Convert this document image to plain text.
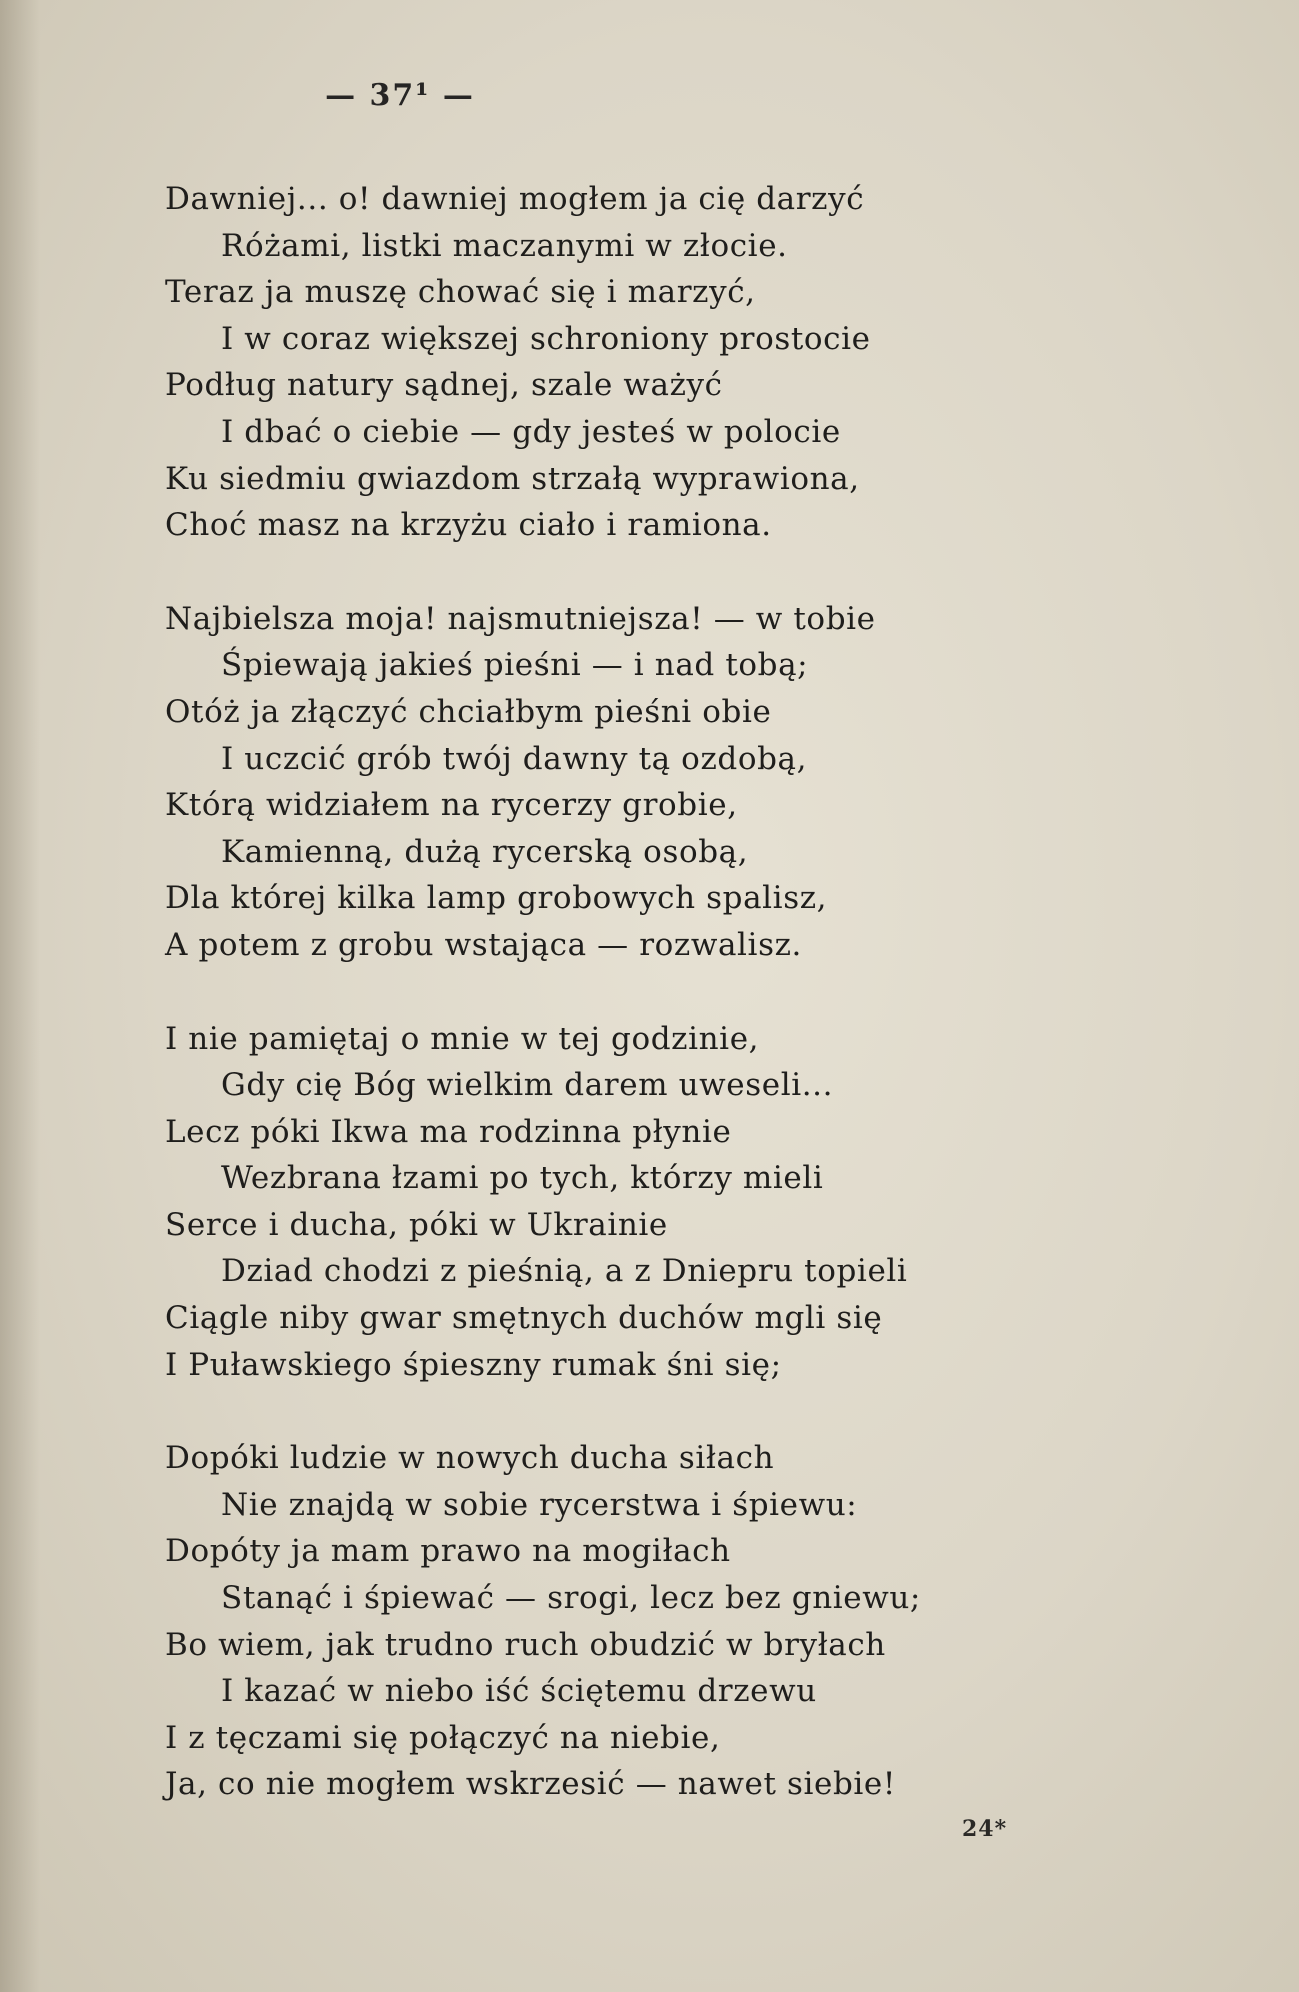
— 37¹ —
Dawniej... o! dawniej mogłem ja cię darzyć
Różami, listki maczanymi w złocie.
Teraz ja muszę chować się i marzyć,
I w coraz większej schroniony prostocie
Podług natury sądnej, szale ważyć
I dbać o ciebie — gdy jesteś w polocie
Ku siedmiu gwiazdom strzałą wyprawiona,
Choć masz na krzyżu ciało i ramiona.
Najbielsza moja! najsmutniejsza! — w tobie
Śpiewają jakieś pieśni — i nad tobą;
Otóż ja złączyć chciałbym pieśni obie
I uczcić grób twój dawny tą ozdobą,
Którą widziałem na rycerzy grobie,
Kamienną, dużą rycerską osobą,
Dla której kilka lamp grobowych spalisz,
A potem z grobu wstająca — rozwalisz.
I nie pamiętaj o mnie w tej godzinie,
Gdy cię Bóg wielkim darem uweseli...
Lecz póki Ikwa ma rodzinna płynie
Wezbrana łzami po tych, którzy mieli
Serce i ducha, póki w Ukrainie
Dziad chodzi z pieśnią, a z Dniepru topieli
Ciągle niby gwar smętnych duchów mgli się
I Puławskiego śpieszny rumak śni się;
Dopóki ludzie w nowych ducha siłach
Nie znajdą w sobie rycerstwa i śpiewu:
Dopóty ja mam prawo na mogiłach
Stanąć i śpiewać — srogi, lecz bez gniewu;
Bo wiem, jak trudno ruch obudzić w bryłach
I kazać w niebo iść ściętemu drzewu
I z tęczami się połączyć na niebie,
Ja, co nie mogłem wskrzesić — nawet siebie!
24*
